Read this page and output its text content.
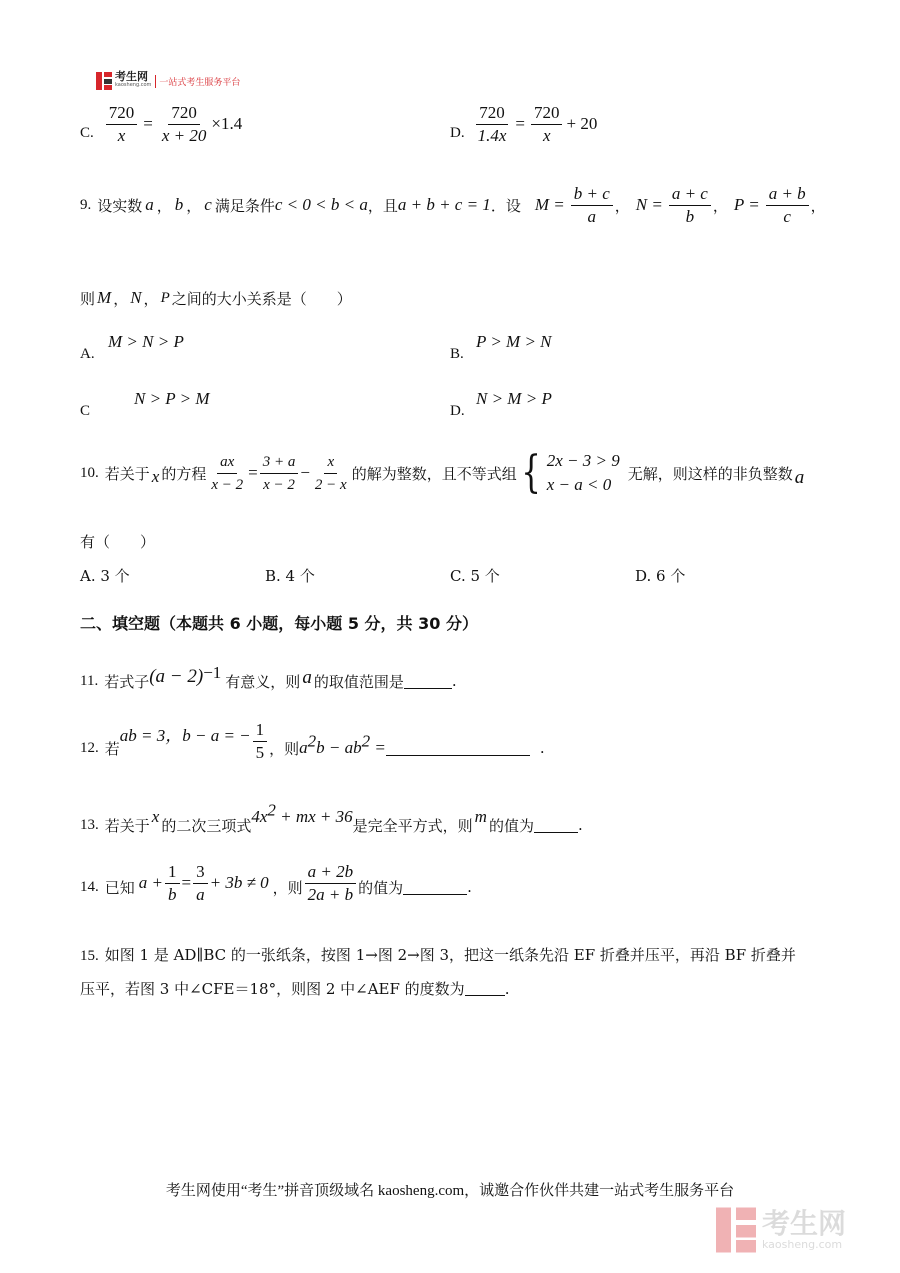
考生网
kaosheng.com 一站式考生服务平台
C. $\frac{720}{x} = \frac{720}{x + 20} \times 1.4$	D. $\frac{720}{1.4x} = \frac{720}{x} + 20$
9. 设实数 a ， b ， c 满足条件 c < 0 < b < a ，且 a + b + c = 1 ．设 $M = \frac{b + c}{a}$ ， $N = \frac{a + c}{b}$ ， $P = \frac{a + b}{c}$ ，
则 M ， N ， P 之间的大小关系是（　　）
A.
M > N > P
B.
P > M > N
C
N > P > M
D.
N > M > P
10. 若关于 x 的方程 $\frac{ax}{x - 2} = \frac{3 + a}{x - 2} - \frac{x}{2 - x}$ 的解为整数，且不等式组 { 2x − 3 > 9
x − a < 0
无解，则这样的非负整数 a
有（　　）
A. 3 个	B. 4 个	C. 5 个	D. 6 个
二、填空题（本题共 6 小题，每小题 5 分，共 30 分）
11. 若式子 (a − 2) −1 有意义，则 a 的取值范围是	.
12. 若
ab = 3，b − a = − $\frac{1}{5}$ ，则 $a^2b - ab^2$ =	.
13. 若关于 x 的二次三项式 $4x^2$ + mx + 36 是完全平方式，则 m 的值为	.
14. 已知 $a + \frac{1}{b} = \frac{3}{a} + 3b \ne 0$ ，则 $\frac{a + 2b}{2a + b}$ 的值为	.
15. 如图 1 是 AD∥BC 的一张纸条，按图 1→图 2→图 3，把这一纸条先沿 EF 折叠并压平，再沿 BF 折叠并
压平，若图 3 中∠CFE＝18°，则图 2 中∠AEF 的度数为	.
考生网使用“考生”拼音顶级域名 kaosheng.com，诚邀合作伙伴共建一站式考生服务平台
考生网
kaosheng.com
